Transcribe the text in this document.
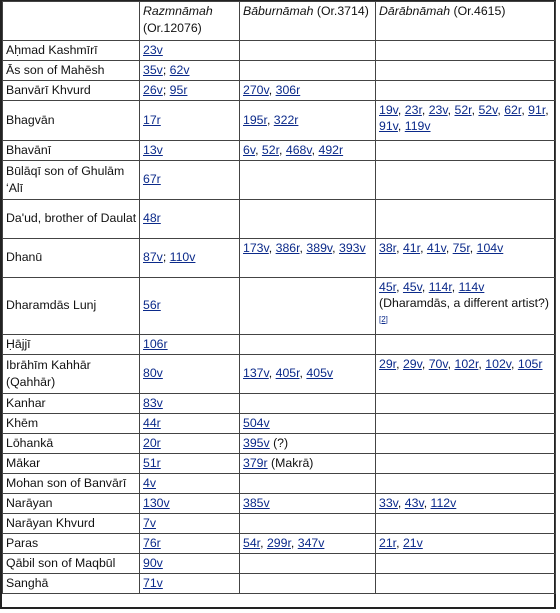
	Razmnāmah
(Or.12076)	Bāburnāmah (Or.3714)	Dārābnāmah (Or.4615)
Aḥmad Kashmīrī	23v		
Ās son of Mahēsh	35v; 62v		
Banvārī Khvurd	26v; 95r	270v, 306r	
Bhagvān	17r	195r, 322r	19v, 23r, 23v, 52r, 52v, 62r, 91r, 91v, 119v
Bhavānī	13v	6v, 52r, 468v, 492r	
Būlāqī son of Ghulām ‘Alī	67r		
Da'ud, brother of Daulat	48r		
Dhanū	87v; 110v	173v, 386r, 389v, 393v	38r, 41r, 41v, 75r, 104v
Dharamdās Lunj	56r		45r, 45v, 114r, 114v
(Dharamdās, a different artist?)[2]
Ḥājjī	106r		
Ibrāhīm Kahhār (Qahhār)	80v	137v, 405r, 405v	29r, 29v, 70v, 102r, 102v, 105r
Kanhar	83v		
Khēm	44r	504v	
Lōhankā	20r	395v (?)	
Mākar	51r	379r (Makrā)	
Mohan son of Banvārī	4v		
Narāyan	130v	385v	33v, 43v, 112v
Narāyan Khvurd	7v		
Paras	76r	54r, 299r, 347v	21r, 21v
Qābil son of Maqbūl	90v		
Sanghā	71v		
